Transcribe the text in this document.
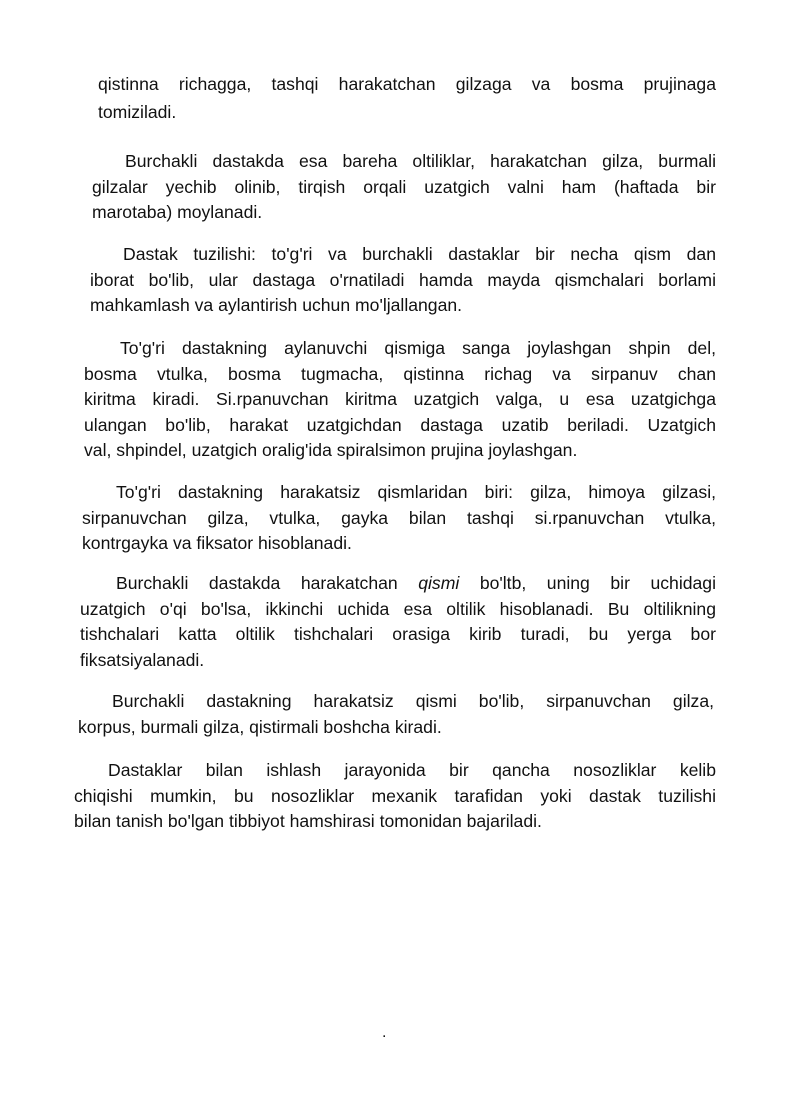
qistinna richagga, tashqi harakatchan gilzaga va bosma prujinaga
tomiziladi.
Burchakli dastakda esa bareha oltiliklar, harakatchan gilza, burmali
gilzalar yechib olinib, tirqish orqali uzatgich valni ham (haftada bir
marotaba) moylanadi.
Dastak tuzilishi: to'g'ri va burchakli dastaklar bir necha qism dan
iborat bo'lib, ular dastaga o'rnatiladi hamda mayda qismchalari borlami
mahkamlash va aylantirish uchun mo'ljallangan.
To'g'ri dastakning aylanuvchi qismiga sanga joylashgan shpin del,
bosma vtulka, bosma tugmacha, qistinna richag va sirpanuv chan
kiritma kiradi. Si.rpanuvchan kiritma uzatgich valga, u esa uzatgichga
ulangan bo'lib, harakat uzatgichdan dastaga uzatib beriladi. Uzatgich
val, shpindel, uzatgich oralig'ida spiralsimon prujina joylashgan.
To'g'ri dastakning harakatsiz qismlaridan biri: gilza, himoya gilzasi,
sirpanuvchan gilza, vtulka, gayka bilan tashqi si.rpanuvchan vtulka,
kontrgayka va fiksator hisoblanadi.
Burchakli dastakda harakatchan qismi bo'ltb, uning bir uchidagi
uzatgich o'qi bo'lsa, ikkinchi uchida esa oltilik hisoblanadi. Bu oltilikning
tishchalari katta oltilik tishchalari orasiga kirib turadi, bu yerga bor
fiksatsiyalanadi.
Burchakli dastakning harakatsiz qismi bo'lib, sirpanuvchan gilza,
korpus, burmali gilza, qistirmali boshcha kiradi.
Dastaklar bilan ishlash jarayonida bir qancha nosozliklar kelib
chiqishi mumkin, bu nosozliklar mexanik tarafidan yoki dastak tuzilishi
bilan tanish bo'lgan tibbiyot hamshirasi tomonidan bajariladi.
.
